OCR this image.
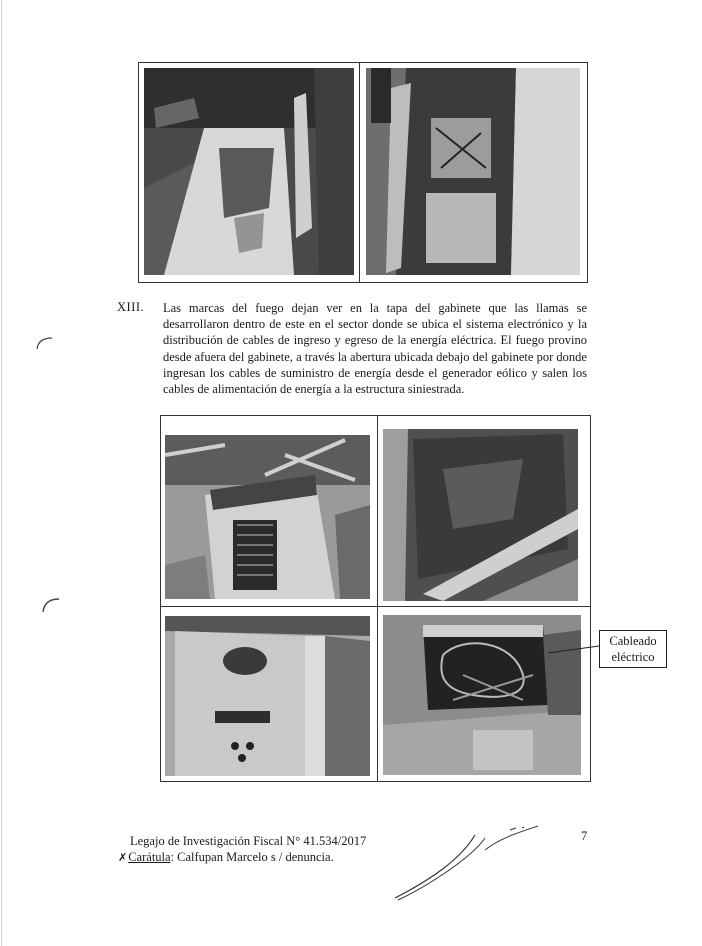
XIII. Las marcas del fuego dejan ver en la tapa del gabinete que las llamas se desarrollaron dentro de este en el sector donde se ubica el sistema electrónico y la distribución de cables de ingreso y egreso de la energía eléctrica. El fuego provino desde afuera del gabinete, a través la abertura ubicada debajo del gabinete por donde ingresan los cables de suministro de energía desde el generador eólico y salen los cables de alimentación de energía a la estructura siniestrada.
Cableado
eléctrico
Legajo de Investigación Fiscal N° 41.534/2017
✗Carátula: Calfupan Marcelo s / denuncia.
7
